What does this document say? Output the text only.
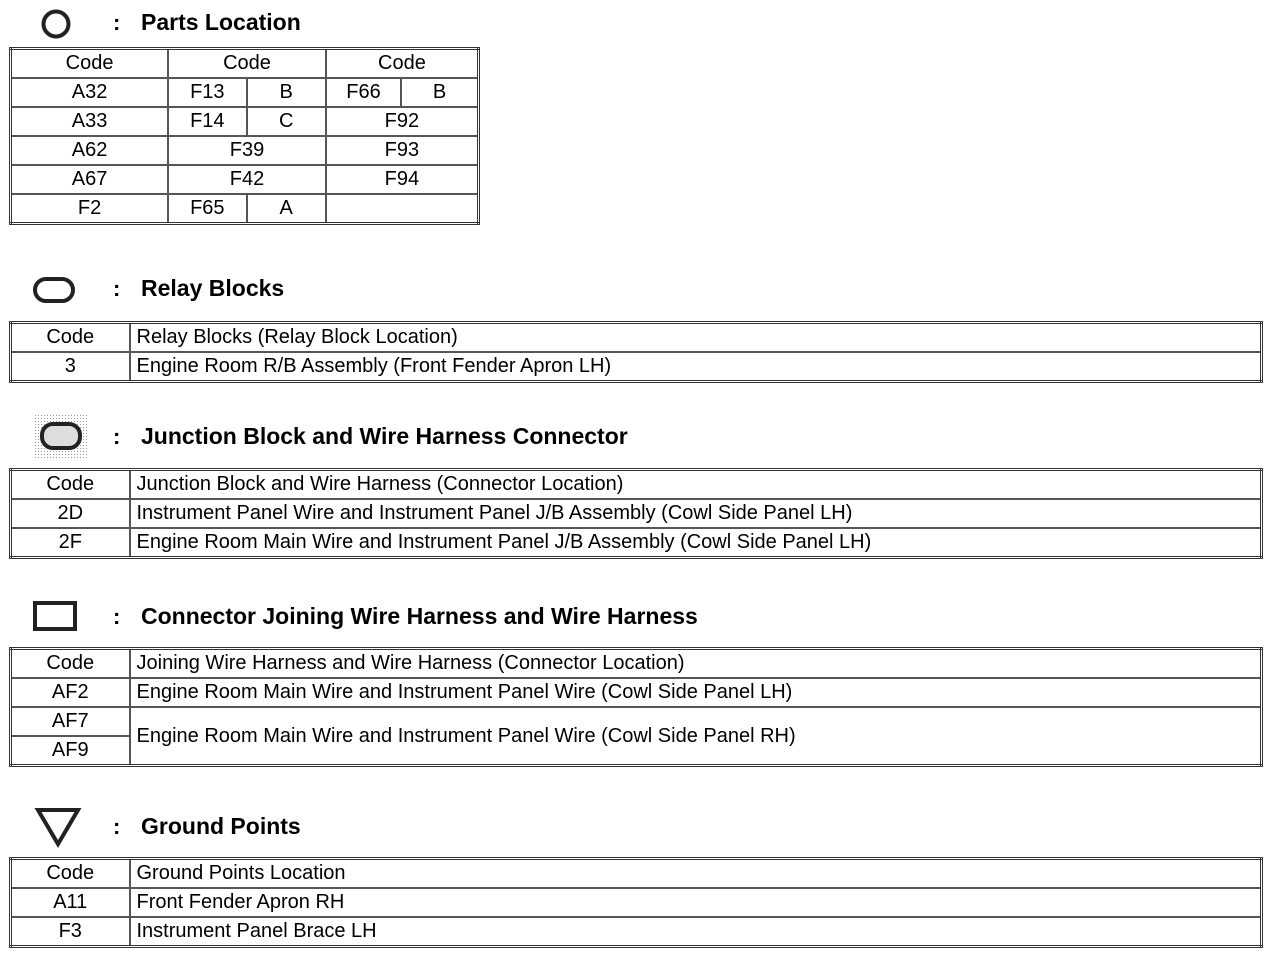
: Parts Location
Code	Code		Code	
A32	F13	B	F66	B
A33	F14	C	F92	
A62	F39		F93	
A67	F42		F94	
F2	F65	A		
: Relay Blocks
Code	Relay Blocks (Relay Block Location)
3	Engine Room R/B Assembly (Front Fender Apron LH)
: Junction Block and Wire Harness Connector
Code	Junction Block and Wire Harness (Connector Location)
2D	Instrument Panel Wire and Instrument Panel J/B Assembly (Cowl Side Panel LH)
2F	Engine Room Main Wire and Instrument Panel J/B Assembly (Cowl Side Panel LH)
: Connector Joining Wire Harness and Wire Harness
Code	Joining Wire Harness and Wire Harness (Connector Location)
AF2	Engine Room Main Wire and Instrument Panel Wire (Cowl Side Panel LH)
AF7	Engine Room Main Wire and Instrument Panel Wire (Cowl Side Panel RH)
AF9	
: Ground Points
Code	Ground Points Location
A11	Front Fender Apron RH
F3	Instrument Panel Brace LH
